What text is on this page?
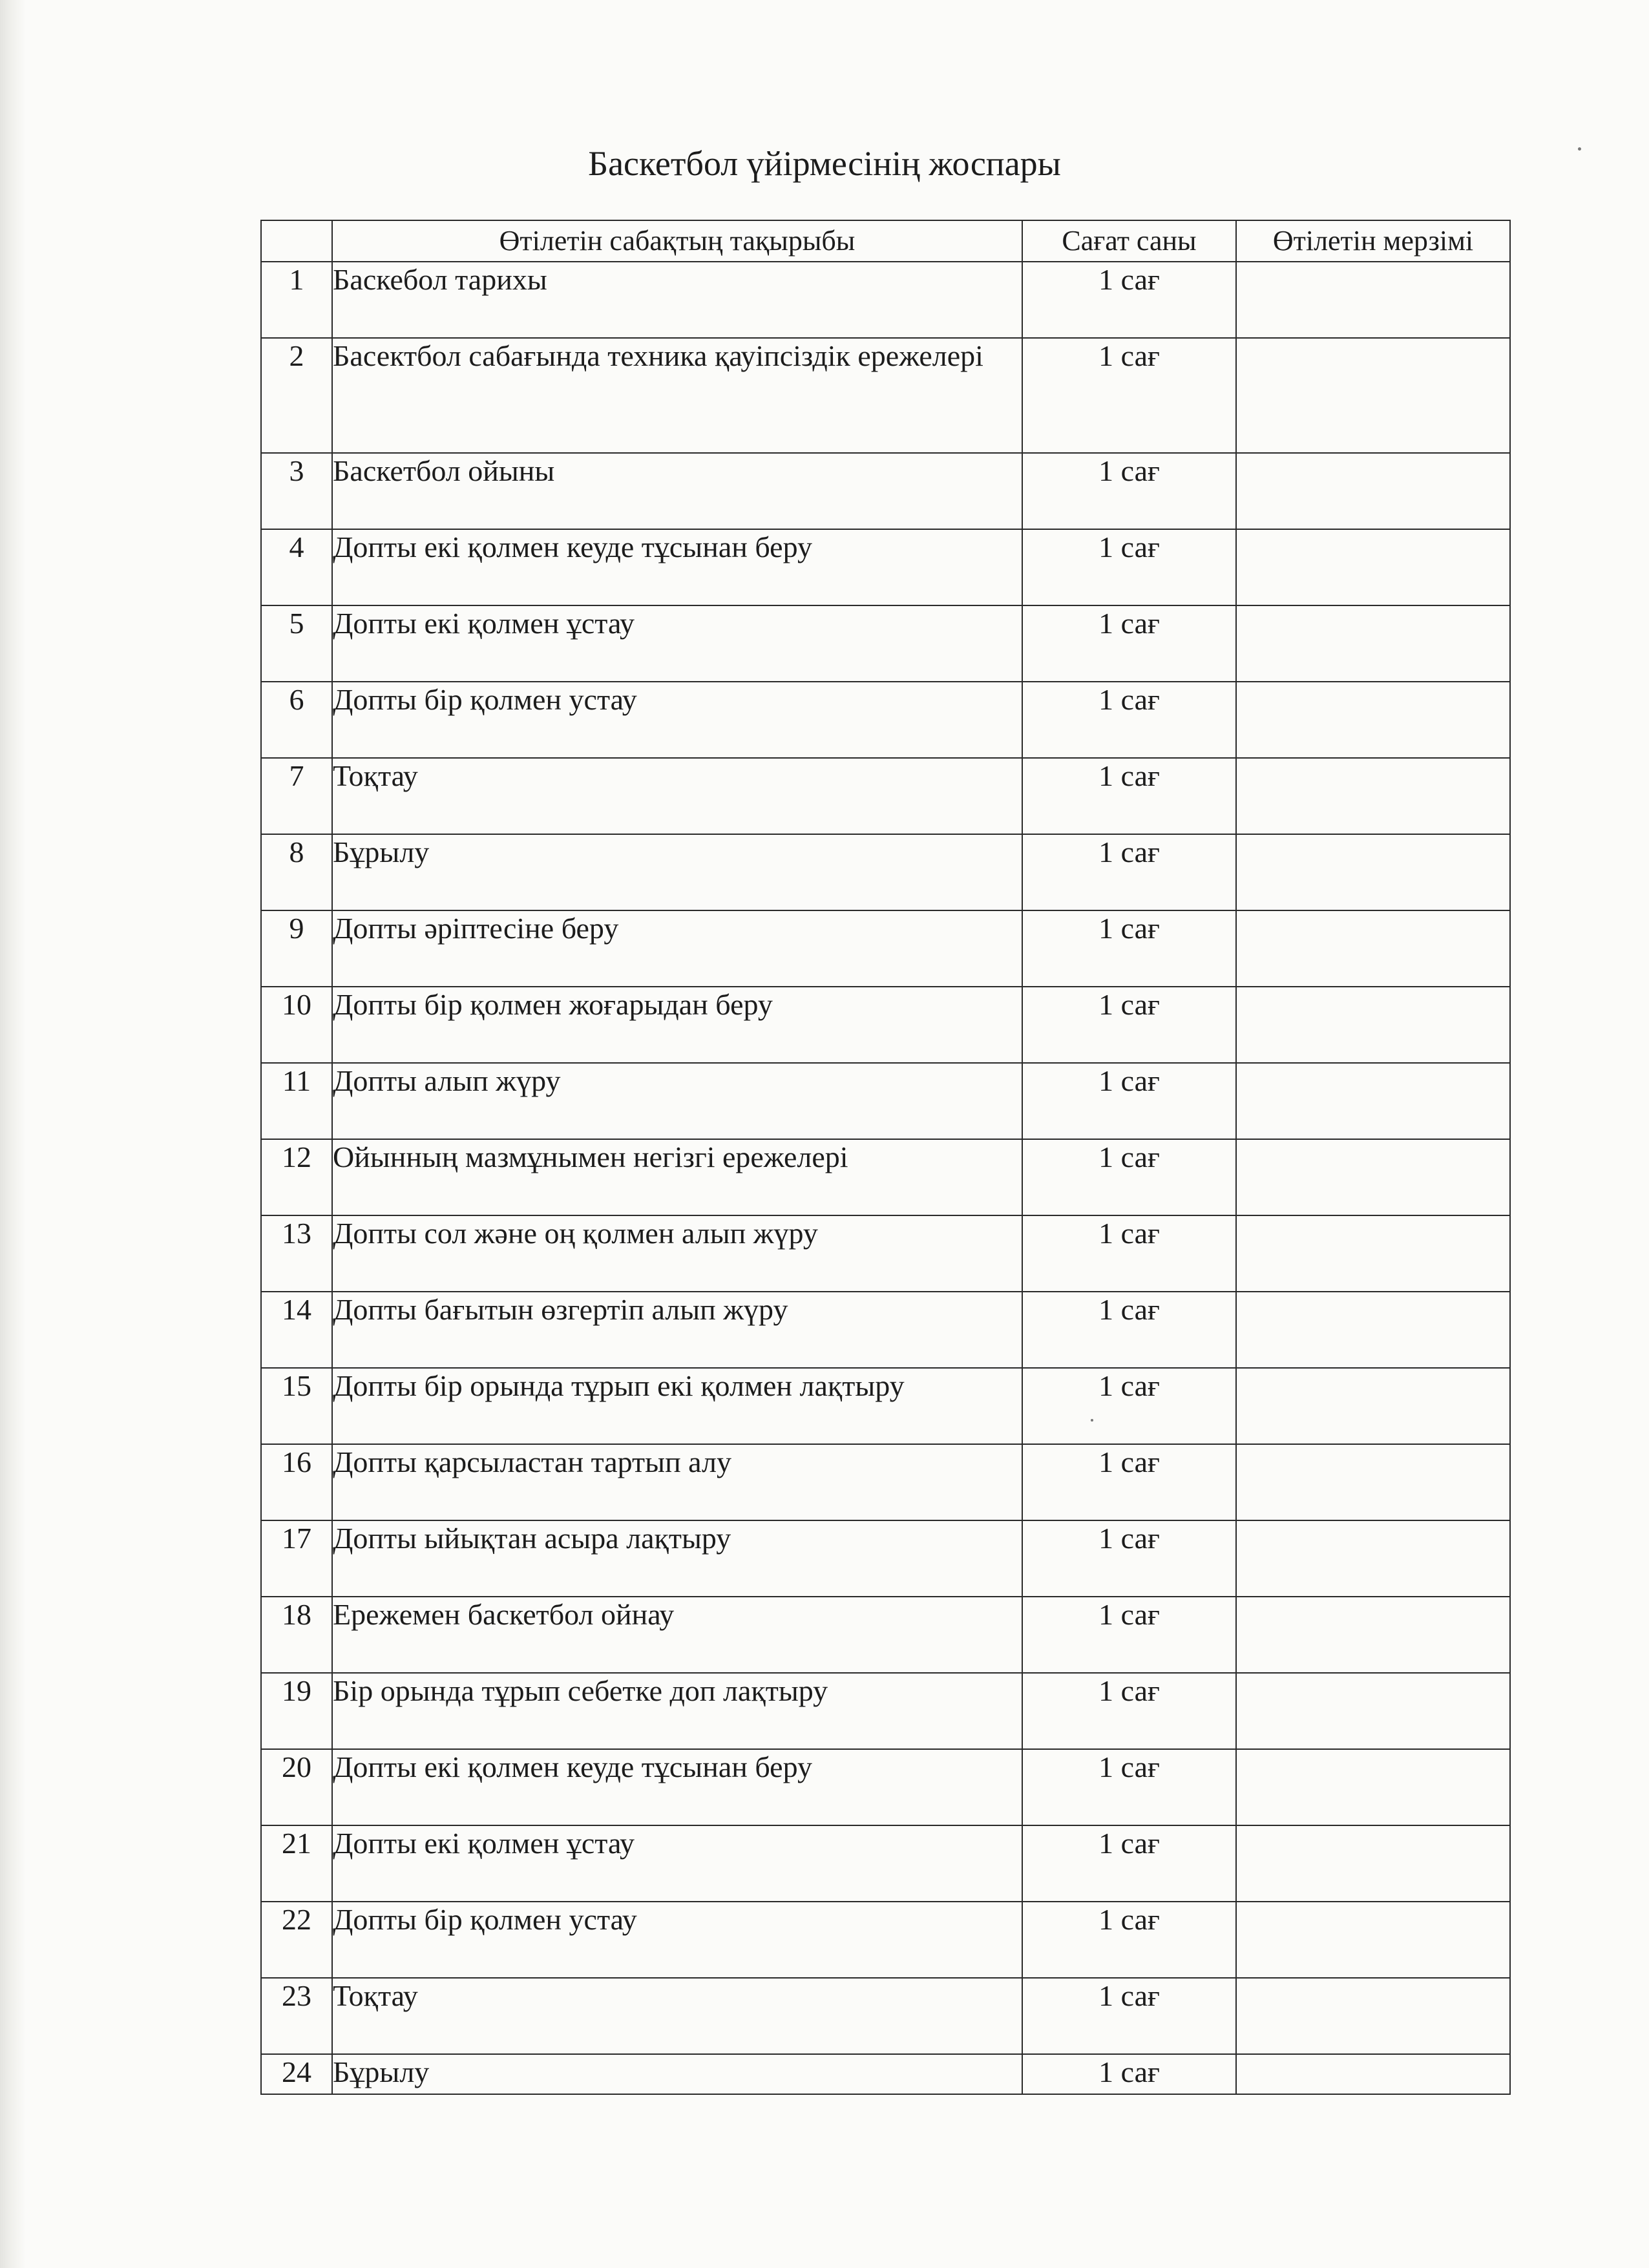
Баскетбол үйірмесінің жоспары
	Өтілетін сабақтың тақырыбы	Сағат саны	Өтілетін мерзімі
1	Баскебол тарихы	1 сағ	
2	Басектбол сабағында техника қауіпсіздік ережелері	1 сағ	
3	Баскетбол ойыны	1 сағ	
4	Допты екі қолмен кеуде тұсынан беру	1 сағ	
5	Допты екі қолмен ұстау	1 сағ	
6	Допты бір қолмен устау	1 сағ	
7	Тоқтау	1 сағ	
8	Бұрылу	1 сағ	
9	Допты әріптесіне беру	1 сағ	
10	Допты бір қолмен жоғарыдан беру	1 сағ	
11	Допты алып жүру	1 сағ	
12	Ойынның мазмұнымен негізгі ережелері	1 сағ	
13	Допты сол және оң қолмен алып жүру	1 сағ	
14	Допты бағытын өзгертіп алып жүру	1 сағ	
15	Допты бір орында тұрып екі қолмен лақтыру	1 сағ	
16	Допты қарсыластан тартып алу	1 сағ	
17	Допты ыйықтан асыра лақтыру	1 сағ	
18	Ережемен баскетбол ойнау	1 сағ	
19	Бір орында тұрып себетке доп лақтыру	1 сағ	
20	Допты екі қолмен кеуде тұсынан беру	1 сағ	
21	Допты екі қолмен ұстау	1 сағ	
22	Допты бір қолмен устау	1 сағ	
23	Тоқтау	1 сағ	
24	Бұрылу	1 сағ	
